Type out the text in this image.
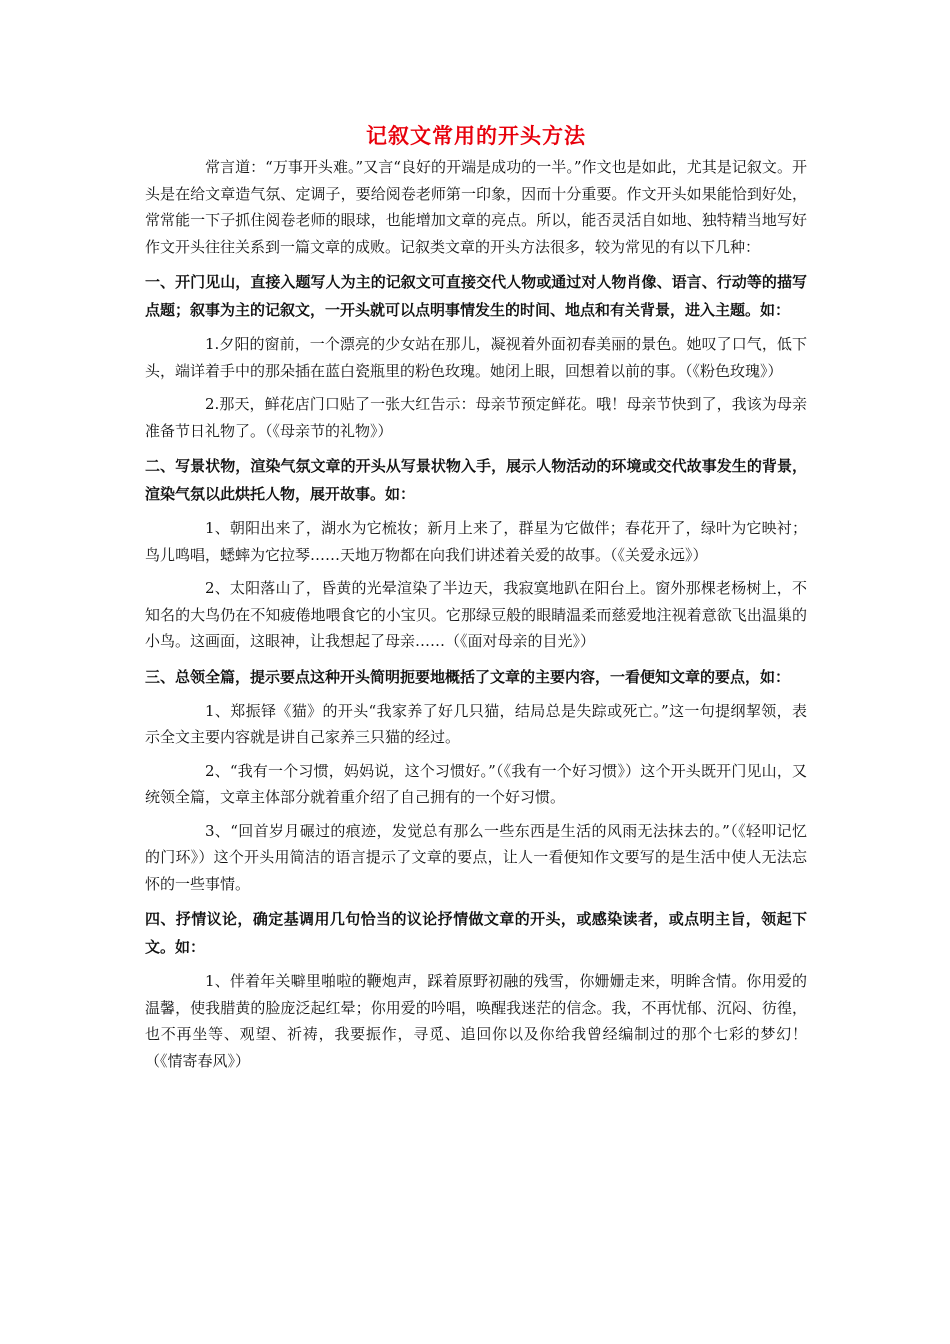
记叙文常用的开头方法

常言道：“万事开头难。”又言“良好的开端是成功的一半。”作文也是如此，尤其是记叙文。开头是在给文章造气氛、定调子，要给阅卷老师第一印象，因而十分重要。作文开头如果能恰到好处，常常能一下子抓住阅卷老师的眼球，也能增加文章的亮点。所以，能否灵活自如地、独特精当地写好作文开头往往关系到一篇文章的成败。记叙类文章的开头方法很多，较为常见的有以下几种：

一、开门见山，直接入题写人为主的记叙文可直接交代人物或通过对人物肖像、语言、行动等的描写点题；叙事为主的记叙文，一开头就可以点明事情发生的时间、地点和有关背景，进入主题。如：

1.夕阳的窗前，一个漂亮的少女站在那儿，凝视着外面初春美丽的景色。她叹了口气，低下头，端详着手中的那朵插在蓝白瓷瓶里的粉色玫瑰。她闭上眼，回想着以前的事。（《粉色玫瑰》）

2.那天，鲜花店门口贴了一张大红告示：母亲节预定鲜花。哦！母亲节快到了，我该为母亲准备节日礼物了。（《母亲节的礼物》）

二、写景状物，渲染气氛文章的开头从写景状物入手，展示人物活动的环境或交代故事发生的背景，渲染气氛以此烘托人物，展开故事。如：

1、朝阳出来了，湖水为它梳妆；新月上来了，群星为它做伴；春花开了，绿叶为它映衬；鸟儿鸣唱，蟋蟀为它拉琴……天地万物都在向我们讲述着关爱的故事。（《关爱永远》）

2、太阳落山了，昏黄的光晕渲染了半边天，我寂寞地趴在阳台上。窗外那棵老杨树上，不知名的大鸟仍在不知疲倦地喂食它的小宝贝。它那绿豆般的眼睛温柔而慈爱地注视着意欲飞出温巢的小鸟。这画面，这眼神，让我想起了母亲……（《面对母亲的目光》）

三、总领全篇，提示要点这种开头简明扼要地概括了文章的主要内容，一看便知文章的要点，如：

1、郑振铎《猫》的开头“我家养了好几只猫，结局总是失踪或死亡。”这一句提纲挈领，表示全文主要内容就是讲自己家养三只猫的经过。

2、“我有一个习惯，妈妈说，这个习惯好。”（《我有一个好习惯》）这个开头既开门见山，又统领全篇，文章主体部分就着重介绍了自己拥有的一个好习惯。

3、“回首岁月碾过的痕迹，发觉总有那么一些东西是生活的风雨无法抹去的。”（《轻叩记忆的门环》）这个开头用简洁的语言提示了文章的要点，让人一看便知作文要写的是生活中使人无法忘怀的一些事情。

四、抒情议论，确定基调用几句恰当的议论抒情做文章的开头，或感染读者，或点明主旨，领起下文。如：

1、伴着年关噼里啪啦的鞭炮声，踩着原野初融的残雪，你姗姗走来，明眸含情。你用爱的温馨，使我腊黄的脸庞泛起红晕；你用爱的吟唱，唤醒我迷茫的信念。我，不再忧郁、沉闷、彷徨，也不再坐等、观望、祈祷，我要振作，寻觅、追回你以及你给我曾经编制过的那个七彩的梦幻！（《情寄春风》）
